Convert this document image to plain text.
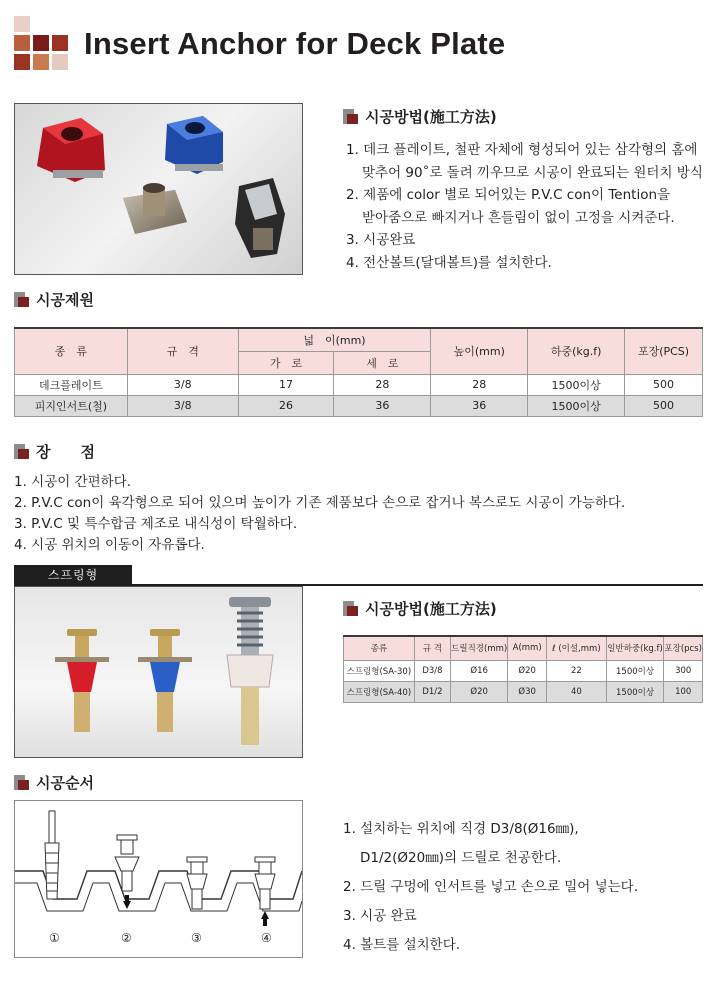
Insert Anchor for Deck Plate
시공방법(施工方法)

1. 데크 플레이트, 철판 자체에 형성되어 있는 삼각형의 홈에

맞추어 90˚로 돌려 끼우므로 시공이 완료되는 원터치 방식

2. 제품에 color 별로 되어있는 P.V.C con이 Tention을

받아줌으로 빠지거나 흔들림이 없이 고정을 시켜준다.

3. 시공완료

4. 전산볼트(달대볼트)를 설치한다.

시공제원
종　류	규　격	넓　이(mm)		높이(mm)	하중(kg.f)	포장(PCS)
		가　로	세　로			
데크플레이트	3/8	17	28	28	1500이상	500
피지인서트(철)	3/8	26	36	36	1500이상	500
장　　점

1. 시공이 간편하다.

2. P.V.C con이 육각형으로 되어 있으며 높이가 기존 제품보다 손으로 잡거나 복스로도 시공이 가능하다.

3. P.V.C 및 특수합금 제조로 내식성이 탁월하다.

4. 시공 위치의 이동이 자유롭다.

스프링형
시공방법(施工方法)
종류	규 격	드릴직경(mm)	A(mm)	ℓ (이설,mm)	일반하중(kg.f)	포장(pcs)
스프링형(SA-30)	D3/8	Ø16	Ø20	22	1500이상	300
스프링형(SA-40)	D1/2	Ø20	Ø30	40	1500이상	100
시공순서
①	②	③	④

1. 설치하는 위치에 직경 D3/8(Ø16㎜),

D1/2(Ø20㎜)의 드릴로 천공한다.

2. 드릴 구멍에 인서트를 넣고 손으로 밀어 넣는다.

3. 시공 완료

4. 볼트를 설치한다.
